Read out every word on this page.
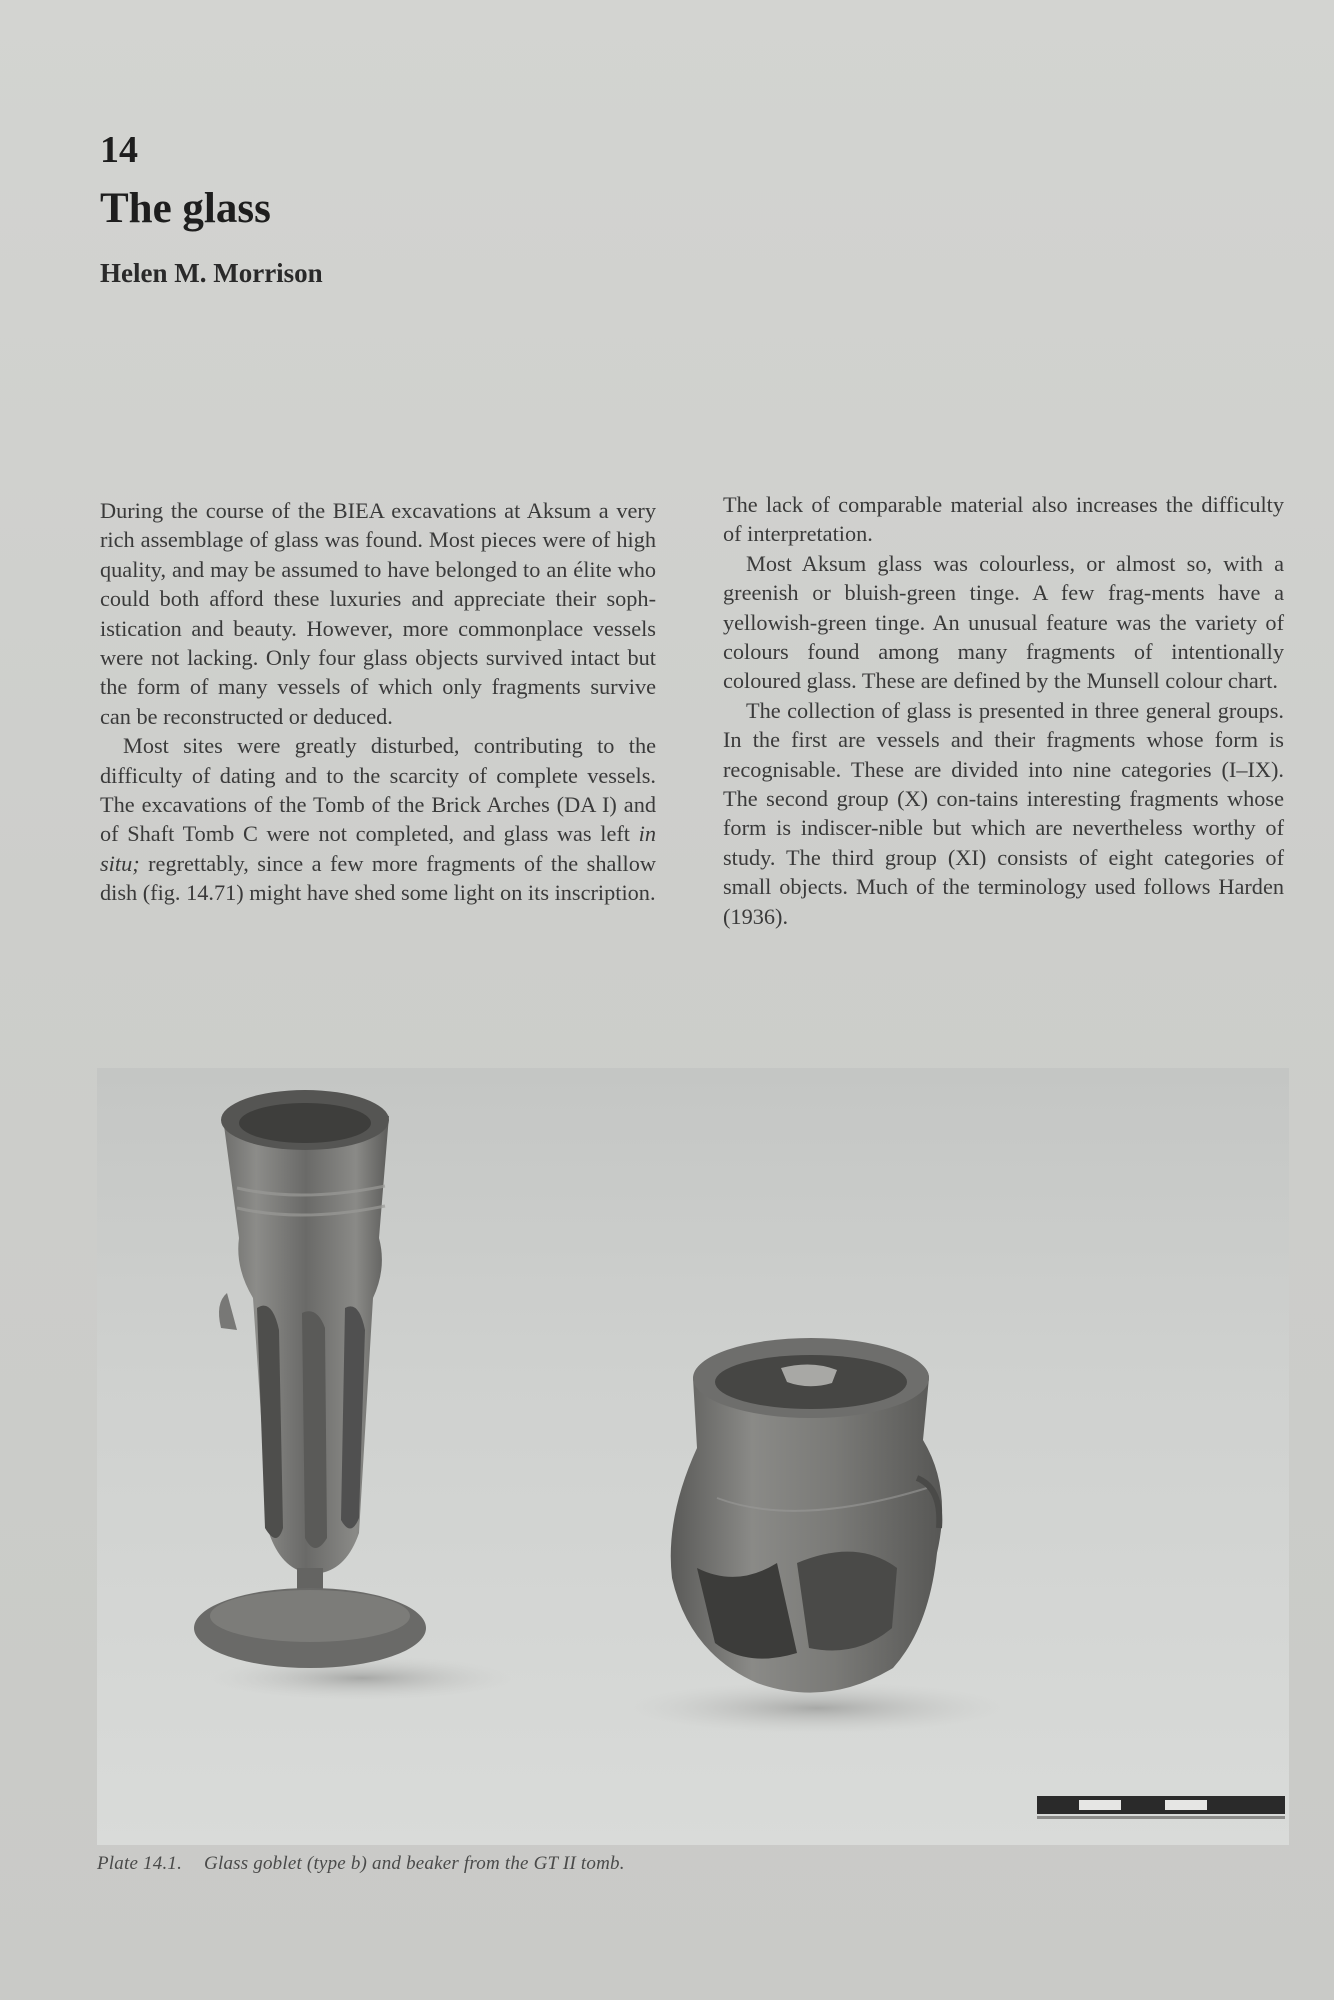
14
The glass
Helen M. Morrison

During the course of the BIEA excavations at Aksum a very rich assemblage of glass was found. Most pieces were of high quality, and may be assumed to have belonged to an élite who could both afford these luxuries and appreciate their soph-istication and beauty. However, more commonplace vessels were not lacking. Only four glass objects survived intact but the form of many vessels of which only fragments survive can be reconstructed or deduced.

Most sites were greatly disturbed, contributing to the difficulty of dating and to the scarcity of complete vessels. The excavations of the Tomb of the Brick Arches (DA I) and of Shaft Tomb C were not completed, and glass was left in situ; regrettably, since a few more fragments of the shallow dish (fig. 14.71) might have shed some light on its inscription.

The lack of comparable material also increases the difficulty of interpretation.

Most Aksum glass was colourless, or almost so, with a greenish or bluish-green tinge. A few frag-ments have a yellowish-green tinge. An unusual feature was the variety of colours found among many fragments of intentionally coloured glass. These are defined by the Munsell colour chart.

The collection of glass is presented in three general groups. In the first are vessels and their fragments whose form is recognisable. These are divided into nine categories (I–IX). The second group (X) con-tains interesting fragments whose form is indiscer-nible but which are nevertheless worthy of study. The third group (XI) consists of eight categories of small objects. Much of the terminology used follows Harden (1936).

Plate 14.1. Glass goblet (type b) and beaker from the GT II tomb.
